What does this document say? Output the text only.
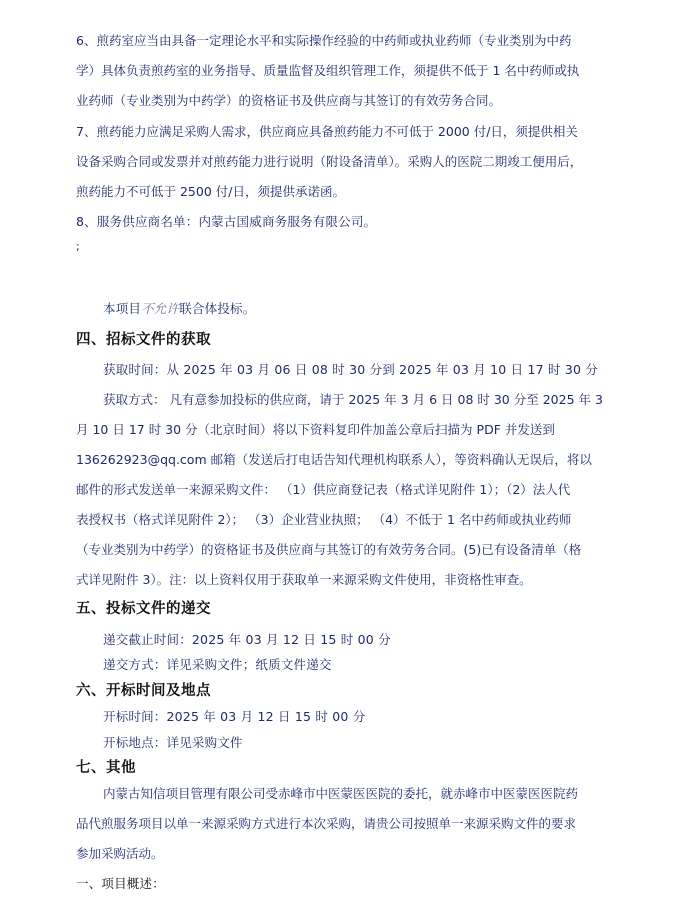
6、煎药室应当由具备一定理论水平和实际操作经验的中药师或执业药师（专业类别为中药
学）具体负责煎药室的业务指导、质量监督及组织管理工作，须提供不低于 1 名中药师或执
业药师（专业类别为中药学）的资格证书及供应商与其签订的有效劳务合同。
7、煎药能力应满足采购人需求，供应商应具备煎药能力不可低于 2000 付/日，须提供相关
设备采购合同或发票并对煎药能力进行说明（附设备清单）。采购人的医院二期竣工便用后，
煎药能力不可低于 2500 付/日，须提供承诺函。
8、服务供应商名单：内蒙古国威商务服务有限公司。
;
本项目不允许联合体投标。
四、招标文件的获取
获取时间：从 2025 年 03 月 06 日 08 时 30 分到 2025 年 03 月 10 日 17 时 30 分
获取方式： 凡有意参加投标的供应商，请于 2025 年 3 月 6 日 08 时 30 分至 2025 年 3
月 10 日 17 时 30 分（北京时间）将以下资料复印件加盖公章后扫描为 PDF 并发送到
136262923@qq.com 邮箱（发送后打电话告知代理机构联系人），等资料确认无误后，将以
邮件的形式发送单一来源采购文件： （1）供应商登记表（格式详见附件 1）；（2）法人代
表授权书（格式详见附件 2）； （3）企业营业执照； （4）不低于 1 名中药师或执业药师
（专业类别为中药学）的资格证书及供应商与其签订的有效劳务合同。(5)已有设备清单（格
式详见附件 3）。注：以上资料仅用于获取单一来源采购文件使用，非资格性审查。
五、投标文件的递交
递交截止时间：2025 年 03 月 12 日 15 时 00 分
递交方式：详见采购文件；纸质文件递交
六、开标时间及地点
开标时间：2025 年 03 月 12 日 15 时 00 分
开标地点：详见采购文件
七、其他
内蒙古知信项目管理有限公司受赤峰市中医蒙医医院的委托，就赤峰市中医蒙医医院药
品代煎服务项目以单一来源采购方式进行本次采购，请贵公司按照单一来源采购文件的要求
参加采购活动。
一、项目概述：
